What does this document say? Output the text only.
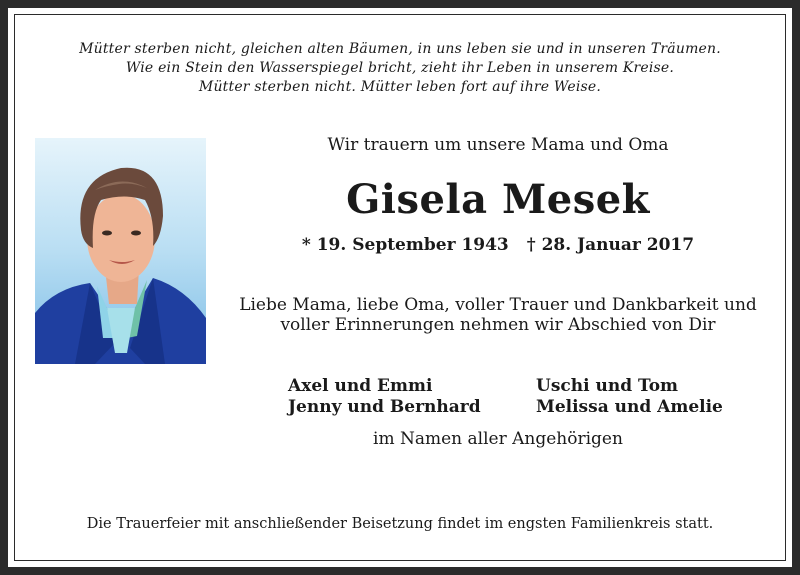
Mütter sterben nicht, gleichen alten Bäumen, in uns leben sie und in unseren Träumen.
Wie ein Stein den Wasserspiegel bricht, zieht ihr Leben in unserem Kreise.
Mütter sterben nicht. Mütter leben fort auf ihre Weise.
Wir trauern um unsere Mama und Oma
Gisela Mesek
* 19. September 1943 † 28. Januar 2017
Liebe Mama, liebe Oma, voller Trauer und Dankbarkeit und
voller Erinnerungen nehmen wir Abschied von Dir
Axel und Emmi
Jenny und Bernhard
Uschi und Tom
Melissa und Amelie
im Namen aller Angehörigen
Die Trauerfeier mit anschließender Beisetzung findet im engsten Familienkreis statt.
